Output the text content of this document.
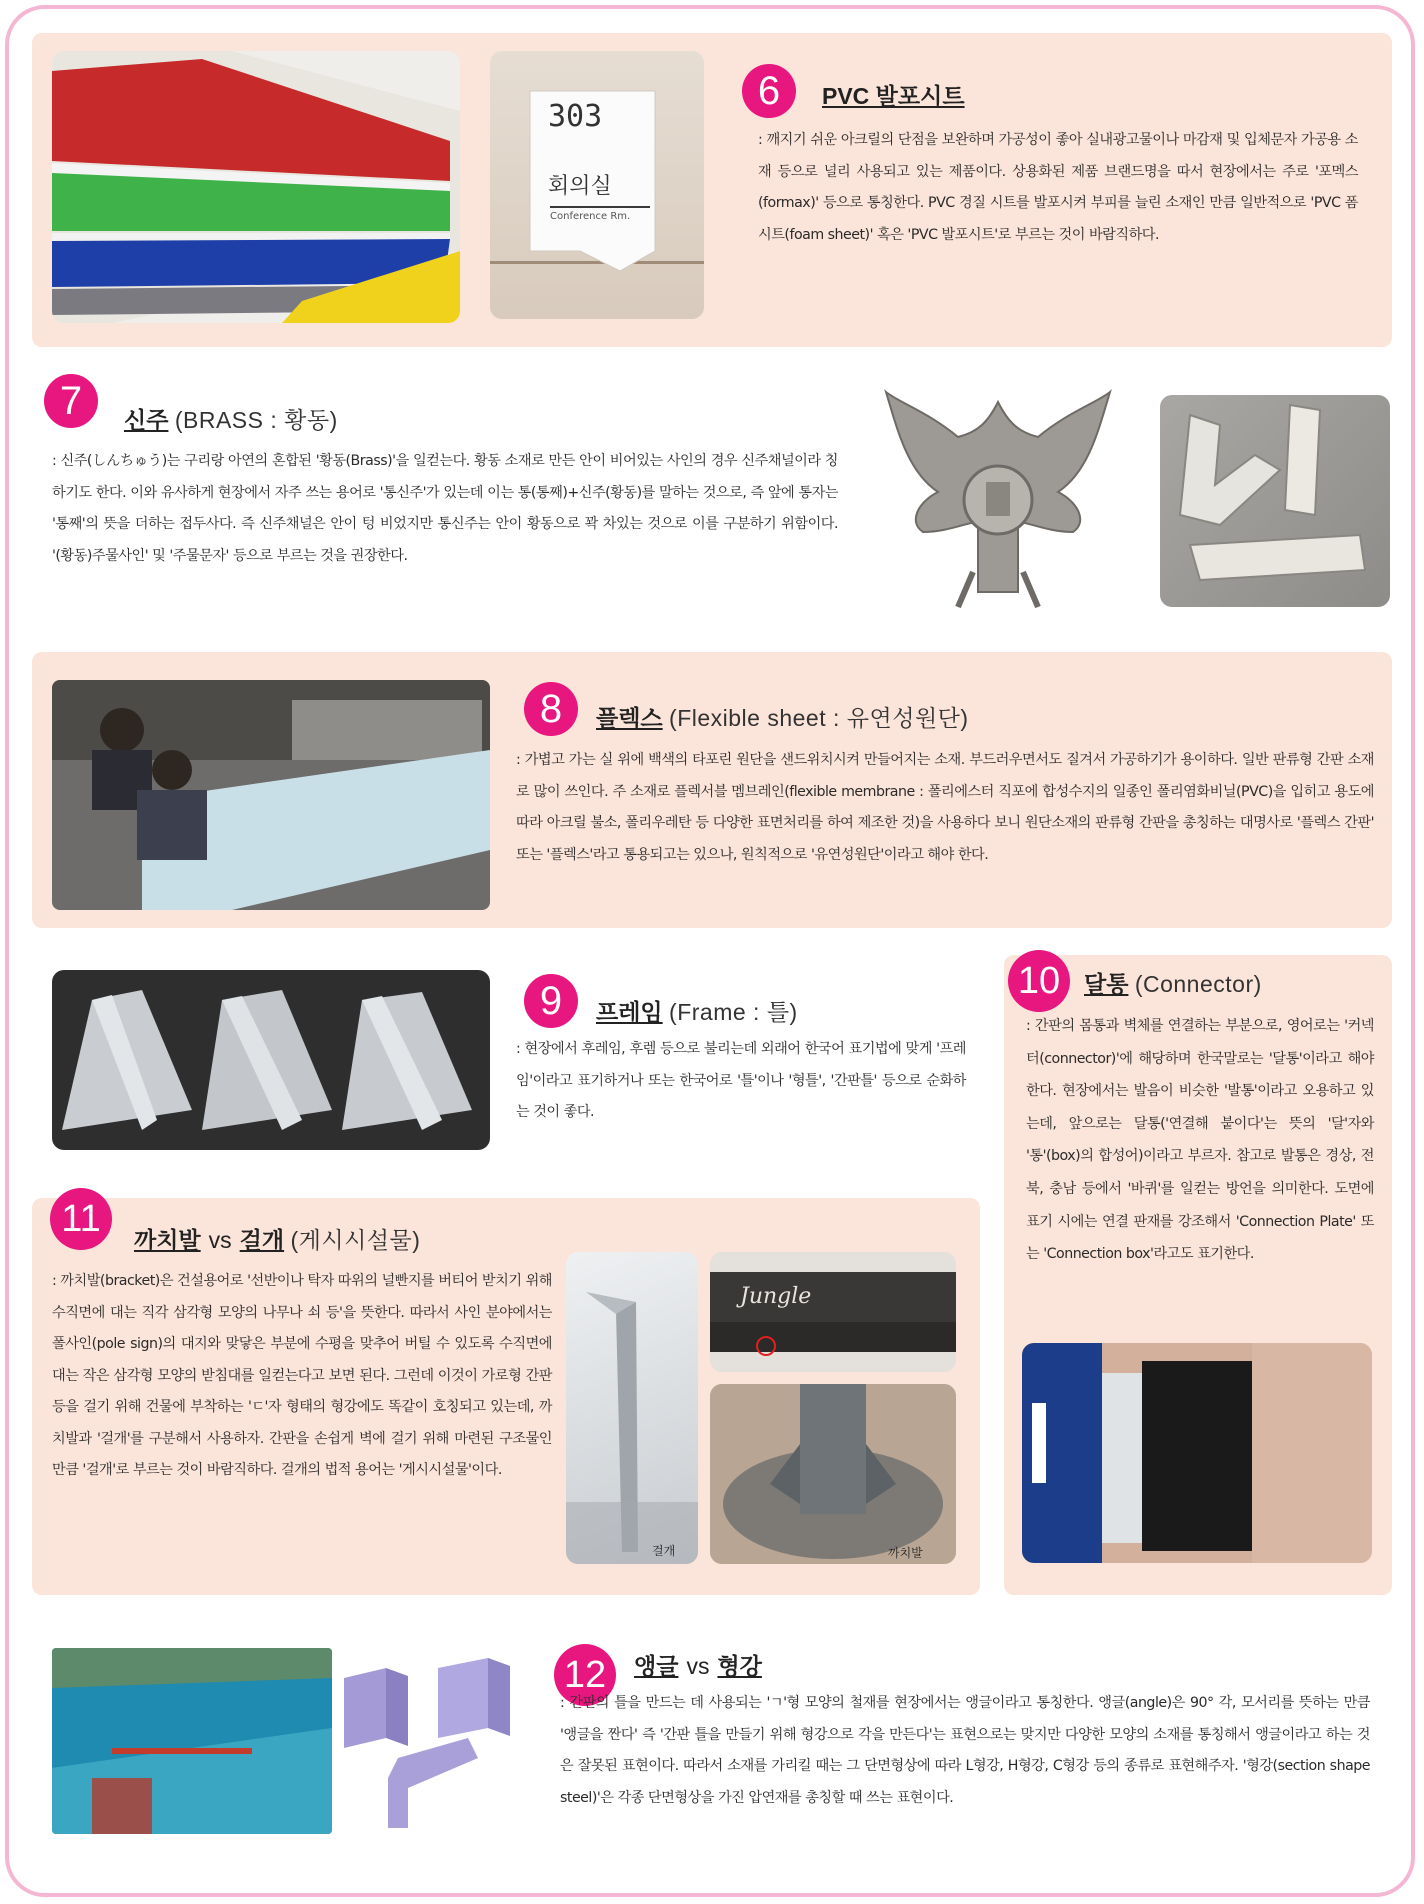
303
회의실
Conference Rm.
6	PVC 발포시트
: 깨지기 쉬운 아크릴의 단점을 보완하며 가공성이 좋아 실내광고물이나 마감재 및 입체문자 가공용 소재 등으로 널리 사용되고 있는 제품이다. 상용화된 제품 브랜드명을 따서 현장에서는 주로 '포멕스(formax)' 등으로 통칭한다. PVC 경질 시트를 발포시켜 부피를 늘린 소재인 만큼 일반적으로 'PVC 폼 시트(foam sheet)' 혹은 'PVC 발포시트'로 부르는 것이 바람직하다.
7	신주 (BRASS : 황동)
: 신주(しんちゅう)는 구리랑 아연의 혼합된 '황동(Brass)'을 일컫는다. 황동 소재로 만든 안이 비어있는 사인의 경우 신주채널이라 칭하기도 한다. 이와 유사하게 현장에서 자주 쓰는 용어로 '통신주'가 있는데 이는 통(통째)+신주(황동)를 말하는 것으로, 즉 앞에 통자는 '통째'의 뜻을 더하는 접두사다. 즉 신주채널은 안이 텅 비었지만 통신주는 안이 황동으로 꽉 차있는 것으로 이를 구분하기 위함이다. '(황동)주물사인' 및 '주물문자' 등으로 부르는 것을 권장한다.
8	플렉스 (Flexible sheet : 유연성원단)
: 가볍고 가는 실 위에 백색의 타포린 원단을 샌드위치시켜 만들어지는 소재. 부드러우면서도 질겨서 가공하기가 용이하다. 일반 판류형 간판 소재로 많이 쓰인다. 주 소재로 플렉서블 멤브레인(flexible membrane : 폴리에스터 직포에 합성수지의 일종인 폴리염화비닐(PVC)을 입히고 용도에 따라 아크릴 불소, 폴리우레탄 등 다양한 표면처리를 하여 제조한 것)을 사용하다 보니 원단소재의 판류형 간판을 총칭하는 대명사로 '플렉스 간판' 또는 '플렉스'라고 통용되고는 있으나, 원칙적으로 '유연성원단'이라고 해야 한다.
9	프레임 (Frame : 틀)
: 현장에서 후레임, 후렘 등으로 불리는데 외래어 한국어 표기법에 맞게 '프레임'이라고 표기하거나 또는 한국어로 '틀'이나 '형틀', '간판틀' 등으로 순화하는 것이 좋다.
10	달통 (Connector)
: 간판의 몸통과 벽체를 연결하는 부분으로, 영어로는 '커넥터(connector)'에 해당하며 한국말로는 '달통'이라고 해야 한다. 현장에서는 발음이 비슷한 '발통'이라고 오용하고 있는데, 앞으로는 달통('연결해 붙이다'는 뜻의 '달'자와 '통'(box)의 합성어)이라고 부르자. 참고로 발통은 경상, 전북, 충남 등에서 '바퀴'를 일컫는 방언을 의미한다. 도면에 표기 시에는 연결 판재를 강조해서 'Connection Plate' 또는 'Connection box'라고도 표기한다.
11
까치발 vs 걸개 (게시시설물)
: 까치발(bracket)은 건설용어로 '선반이나 탁자 따위의 널빤지를 버티어 받치기 위해 수직면에 대는 직각 삼각형 모양의 나무나 쇠 등'을 뜻한다. 따라서 사인 분야에서는 폴사인(pole sign)의 대지와 맞닿은 부분에 수평을 맞추어 버틸 수 있도록 수직면에 대는 작은 삼각형 모양의 받침대를 일컫는다고 보면 된다. 그런데 이것이 가로형 간판 등을 걸기 위해 건물에 부착하는 'ㄷ'자 형태의 형강에도 똑같이 호칭되고 있는데, 까치발과 '걸개'를 구분해서 사용하자. 간판을 손쉽게 벽에 걸기 위해 마련된 구조물인 만큼 '걸개'로 부르는 것이 바람직하다. 걸개의 법적 용어는 '게시시설물'이다.
걸개
Jungle
까치발
12	앵글 vs 형강
: 간판의 틀을 만드는 데 사용되는 'ㄱ'형 모양의 철재를 현장에서는 앵글이라고 통칭한다. 앵글(angle)은 90° 각, 모서리를 뜻하는 만큼 '앵글을 짠다' 즉 '간판 틀을 만들기 위해 형강으로 각을 만든다'는 표현으로는 맞지만 다양한 모양의 소재를 통칭해서 앵글이라고 하는 것은 잘못된 표현이다. 따라서 소재를 가리킬 때는 그 단면형상에 따라 L형강, H형강, C형강 등의 종류로 표현해주자. '형강(section shape steel)'은 각종 단면형상을 가진 압연재를 총칭할 때 쓰는 표현이다.
